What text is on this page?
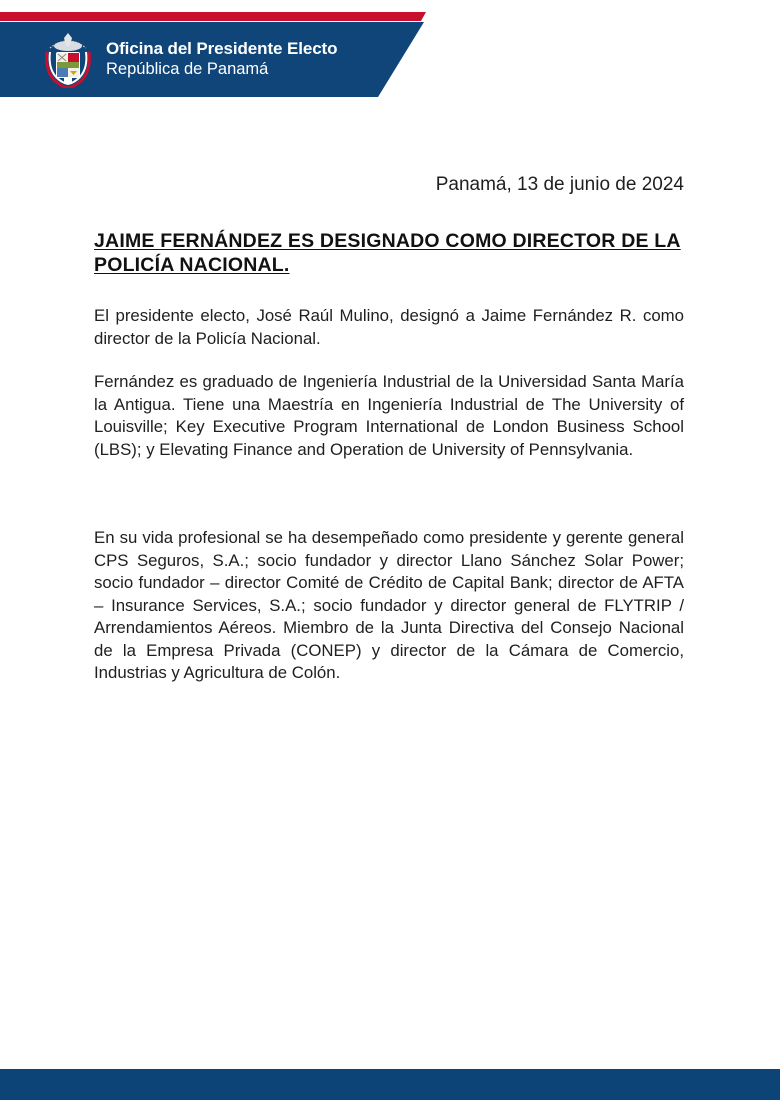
Oficina del Presidente Electo
República de Panamá
Panamá, 13 de junio de 2024
JAIME FERNÁNDEZ ES DESIGNADO COMO DIRECTOR DE LA POLICÍA NACIONAL.

El presidente electo, José Raúl Mulino, designó a Jaime Fernández R. como director de la Policía Nacional.

Fernández es graduado de Ingeniería Industrial de la Universidad Santa María la Antigua. Tiene una Maestría en Ingeniería Industrial de The University of Louisville; Key Executive Program International de London Business School (LBS); y Elevating Finance and Operation de University of Pennsylvania.

En su vida profesional se ha desempeñado como presidente y gerente general CPS Seguros, S.A.; socio fundador y director Llano Sánchez Solar Power; socio fundador – director Comité de Crédito de Capital Bank; director de AFTA – Insurance Services, S.A.; socio fundador y director general de FLYTRIP / Arrendamientos Aéreos. Miembro de la Junta Directiva del Consejo Nacional de la Empresa Privada (CONEP) y director de la Cámara de Comercio, Industrias y Agricultura de Colón.
